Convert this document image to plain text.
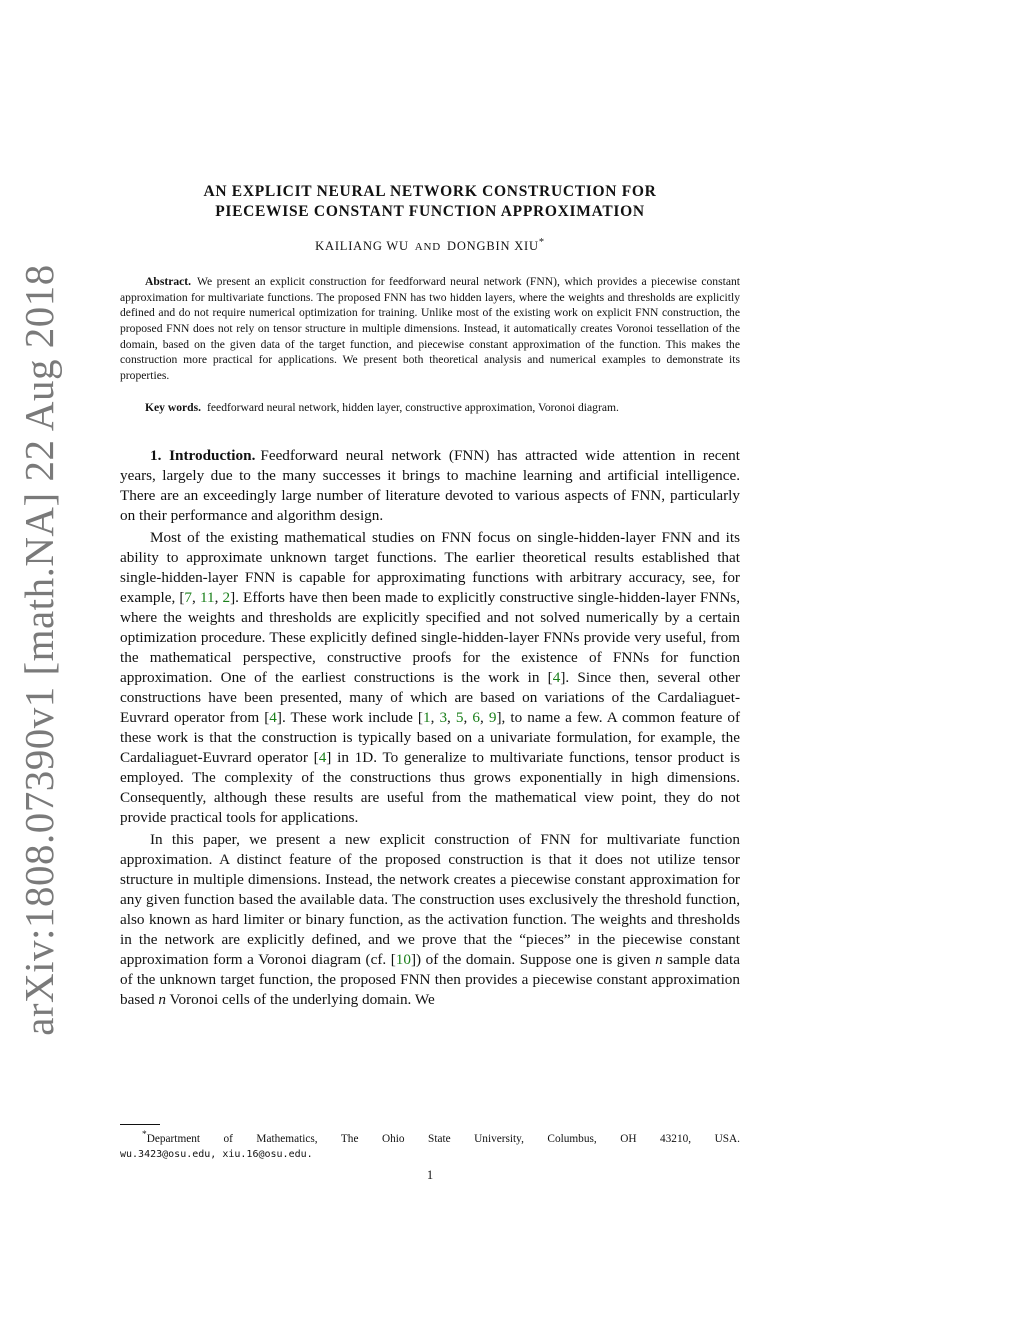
arXiv:1808.07390v1 [math.NA] 22 Aug 2018
AN EXPLICIT NEURAL NETWORK CONSTRUCTION FOR
PIECEWISE CONSTANT FUNCTION APPROXIMATION
KAILIANG WU AND DONGBIN XIU*

Abstract. We present an explicit construction for feedforward neural network (FNN), which provides a piecewise constant approximation for multivariate functions. The proposed FNN has two hidden layers, where the weights and thresholds are explicitly defined and do not require numerical optimization for training. Unlike most of the existing work on explicit FNN construction, the proposed FNN does not rely on tensor structure in multiple dimensions. Instead, it automatically creates Voronoi tessellation of the domain, based on the given data of the target function, and piecewise constant approximation of the function. This makes the construction more practical for applications. We present both theoretical analysis and numerical examples to demonstrate its properties.

Key words. feedforward neural network, hidden layer, constructive approximation, Voronoi diagram.

1. Introduction. Feedforward neural network (FNN) has attracted wide attention in recent years, largely due to the many successes it brings to machine learning and artificial intelligence. There are an exceedingly large number of literature devoted to various aspects of FNN, particularly on their performance and algorithm design.

Most of the existing mathematical studies on FNN focus on single-hidden-layer FNN and its ability to approximate unknown target functions. The earlier theoretical results established that single-hidden-layer FNN is capable for approximating functions with arbitrary accuracy, see, for example, [7, 11, 2]. Efforts have then been made to explicitly constructive single-hidden-layer FNNs, where the weights and thresholds are explicitly specified and not solved numerically by a certain optimization procedure. These explicitly defined single-hidden-layer FNNs provide very useful, from the mathematical perspective, constructive proofs for the existence of FNNs for function approximation. One of the earliest constructions is the work in [4]. Since then, several other constructions have been presented, many of which are based on variations of the Cardaliaguet-Euvrard operator from [4]. These work include [1, 3, 5, 6, 9], to name a few. A common feature of these work is that the construction is typically based on a univariate formulation, for example, the Cardaliaguet-Euvrard operator [4] in 1D. To generalize to multivariate functions, tensor product is employed. The complexity of the constructions thus grows exponentially in high dimensions. Consequently, although these results are useful from the mathematical view point, they do not provide practical tools for applications.

In this paper, we present a new explicit construction of FNN for multivariate function approximation. A distinct feature of the proposed construction is that it does not utilize tensor structure in multiple dimensions. Instead, the network creates a piecewise constant approximation for any given function based the available data. The construction uses exclusively the threshold function, also known as hard limiter or binary function, as the activation function. The weights and thresholds in the network are explicitly defined, and we prove that the “pieces” in the piecewise constant approximation form a Voronoi diagram (cf. [10]) of the domain. Suppose one is given n sample data of the unknown target function, the proposed FNN then provides a piecewise constant approximation based n Voronoi cells of the underlying domain. We

*Department of Mathematics, The Ohio State University, Columbus, OH 43210, USA.
wu.3423@osu.edu, xiu.16@osu.edu.
1
